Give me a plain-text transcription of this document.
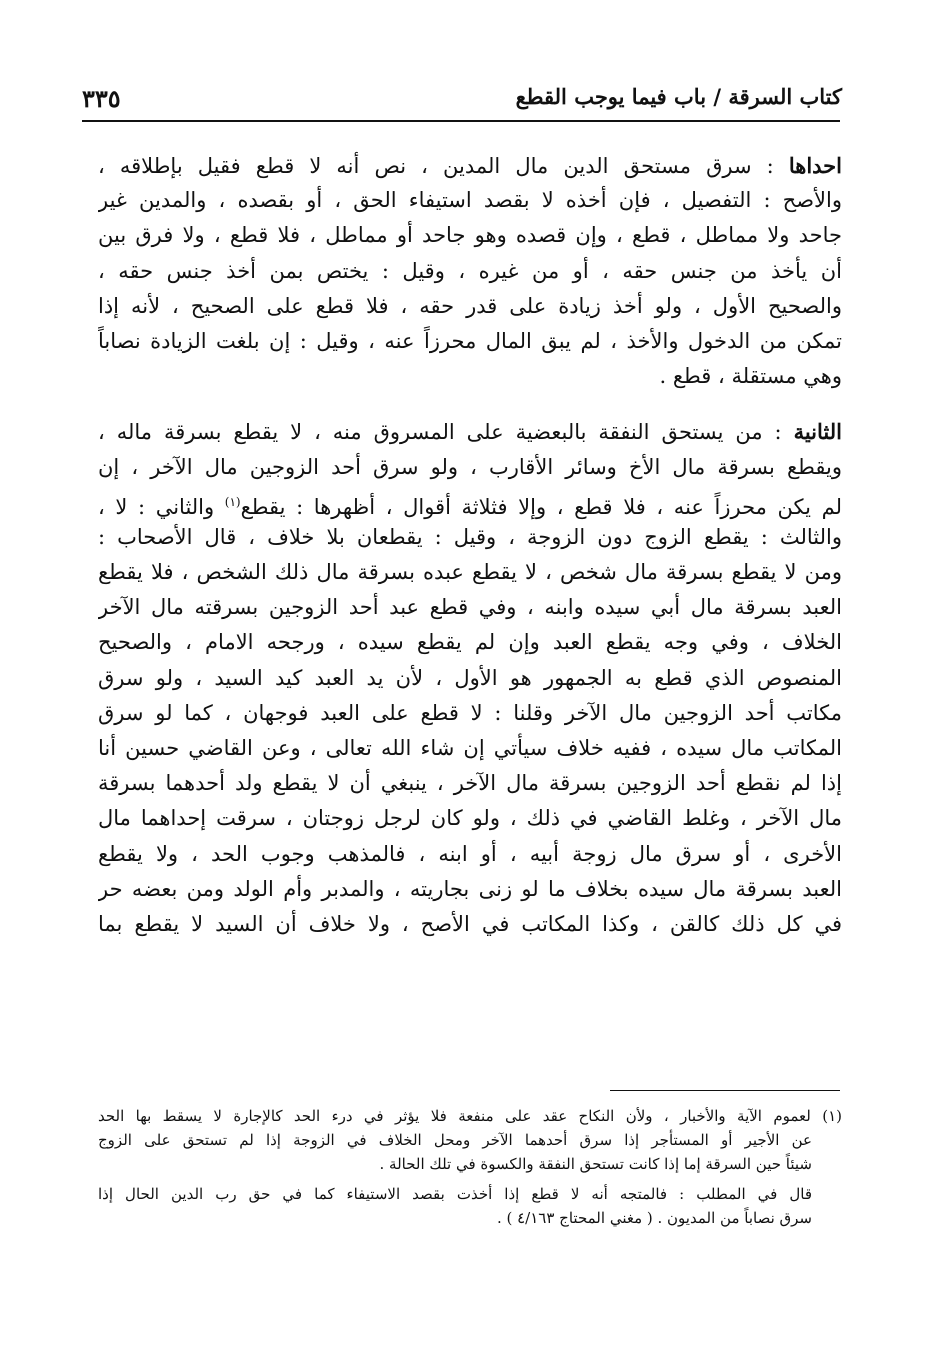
كتاب السرقة / باب فيما يوجب القطع
٣٣٥
احداها : سرق مستحق الدين مال المدين ، نص أنه لا قطع فقيل بإطلاقه ،
والأصح : التفصيل ، فإن أخذه لا بقصد استيفاء الحق ، أو بقصده ، والمدين غير
جاحد ولا مماطل ، قطع ، وإن قصده وهو جاحد أو مماطل ، فلا قطع ، ولا فرق بين
أن يأخذ من جنس حقه ، أو من غيره ، وقيل : يختص بمن أخذ جنس حقه ،
والصحيح الأول ، ولو أخذ زيادة على قدر حقه ، فلا قطع على الصحيح ، لأنه إذا
تمكن من الدخول والأخذ ، لم يبق المال محرزاً عنه ، وقيل : إن بلغت الزيادة نصاباً
وهي مستقلة ، قطع .
الثانية : من يستحق النفقة بالبعضية على المسروق منه ، لا يقطع بسرقة ماله ،
ويقطع بسرقة مال الأخ وسائر الأقارب ، ولو سرق أحد الزوجين مال الآخر ، إن
لم يكن محرزاً عنه ، فلا قطع ، وإلا فثلاثة أقوال ، أظهرها : يقطع$^{(١)}$ والثاني : لا ،
والثالث : يقطع الزوج دون الزوجة ، وقيل : يقطعان بلا خلاف ، قال الأصحاب :
ومن لا يقطع بسرقة مال شخص ، لا يقطع عبده بسرقة مال ذلك الشخص ، فلا يقطع
العبد بسرقة مال أبي سيده وابنه ، وفي قطع عبد أحد الزوجين بسرقته مال الآخر
الخلاف ، وفي وجه يقطع العبد وإن لم يقطع سيده ، ورجحه الامام ، والصحيح
المنصوص الذي قطع به الجمهور هو الأول ، لأن يد العبد كيد السيد ، ولو سرق
مكاتب أحد الزوجين مال الآخر وقلنا : لا قطع على العبد فوجهان ، كما لو سرق
المكاتب مال سيده ، ففيه خلاف سيأتي إن شاء الله تعالى ، وعن القاضي حسين أنا
إذا لم نقطع أحد الزوجين بسرقة مال الآخر ، ينبغي أن لا يقطع ولد أحدهما بسرقة
مال الآخر ، وغلط القاضي في ذلك ، ولو كان لرجل زوجتان ، سرقت إحداهما مال
الأخرى ، أو سرق مال زوجة أبيه ، أو ابنه ، فالمذهب وجوب الحد ، ولا يقطع
العبد بسرقة مال سيده بخلاف ما لو زنى بجاريته ، والمدبر وأم الولد ومن بعضه حر
في كل ذلك كالقن ، وكذا المكاتب في الأصح ، ولا خلاف أن السيد لا يقطع بما
(١) لعموم الآية والأخبار ، ولأن النكاح عقد على منفعة فلا يؤثر في درء الحد كالإجارة لا يسقط بها الحد
عن الأجير أو المستأجر إذا سرق أحدهما الآخر ومحل الخلاف في الزوجة إذا لم تستحق على الزوج
شيئاً حين السرقة إما إذا كانت تستحق النفقة والكسوة في تلك الحالة .
قال في المطلب : فالمتجه أنه لا قطع إذا أخذت بقصد الاستيفاء كما في حق رب الدين الحال إذا
سرق نصاباً من المديون . ( مغني المحتاج ٤/١٦٣ ) .
